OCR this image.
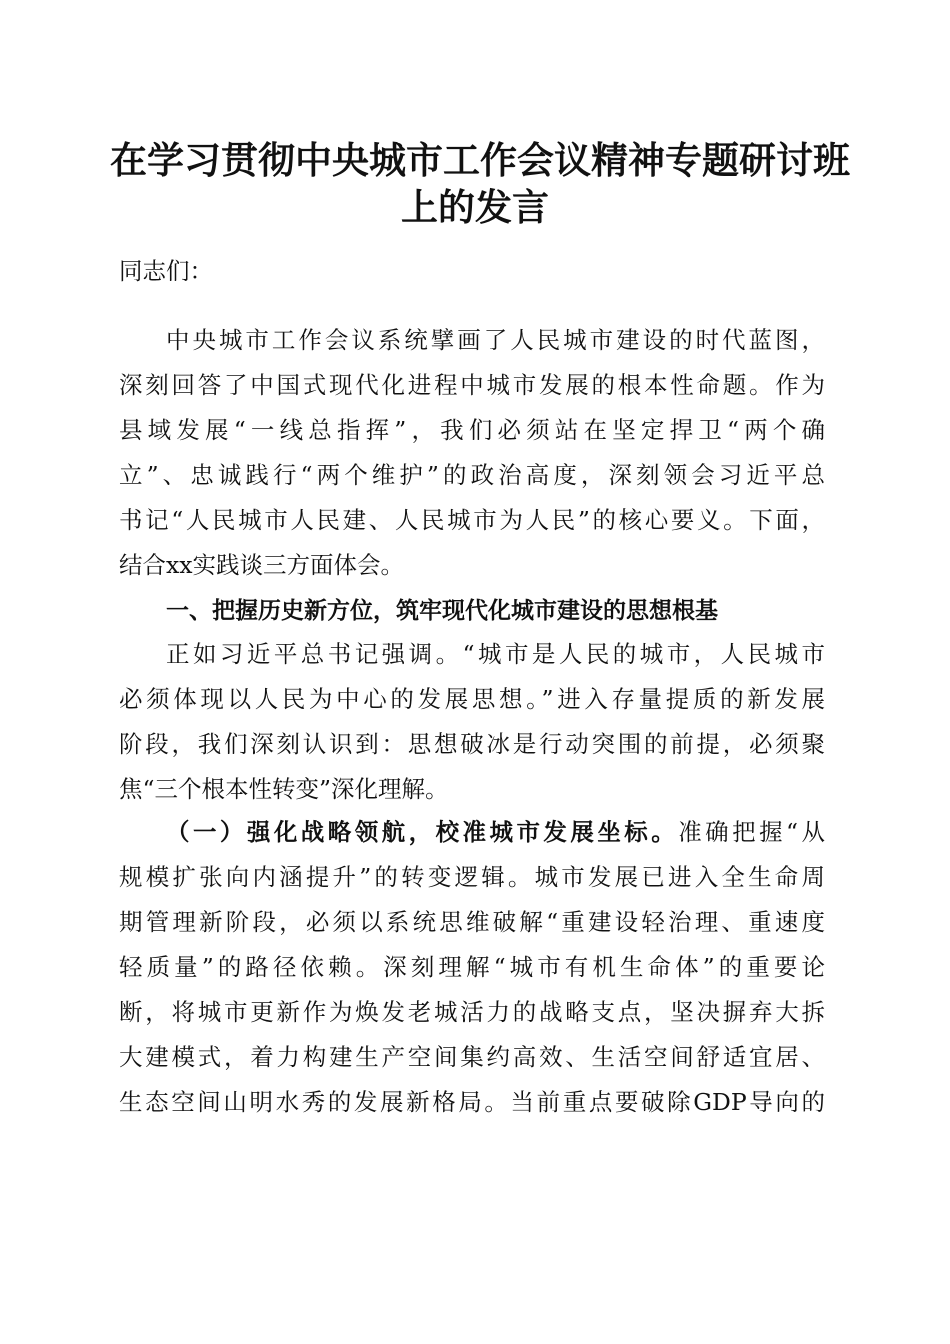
在学习贯彻中央城市工作会议精神专题研讨班
上的发言

同志们：

中央城市工作会议系统擘画了人民城市建设的时代蓝图，

深刻回答了中国式现代化进程中城市发展的根本性命题。作为

县域发展“一线总指挥”，我们必须站在坚定捍卫“两个确

立”、忠诚践行“两个维护”的政治高度，深刻领会习近平总

书记“人民城市人民建、人民城市为人民”的核心要义。下面，

结合xx实践谈三方面体会。

一、把握历史新方位，筑牢现代化城市建设的思想根基

正如习近平总书记强调。“城市是人民的城市，人民城市

必须体现以人民为中心的发展思想。”进入存量提质的新发展

阶段，我们深刻认识到：思想破冰是行动突围的前提，必须聚

焦“三个根本性转变”深化理解。

（一）强化战略领航，校准城市发展坐标。准确把握“从

规模扩张向内涵提升”的转变逻辑。城市发展已进入全生命周

期管理新阶段，必须以系统思维破解“重建设轻治理、重速度

轻质量”的路径依赖。深刻理解“城市有机生命体”的重要论

断，将城市更新作为焕发老城活力的战略支点，坚决摒弃大拆

大建模式，着力构建生产空间集约高效、生活空间舒适宜居、

生态空间山明水秀的发展新格局。当前重点要破除GDP导向的
